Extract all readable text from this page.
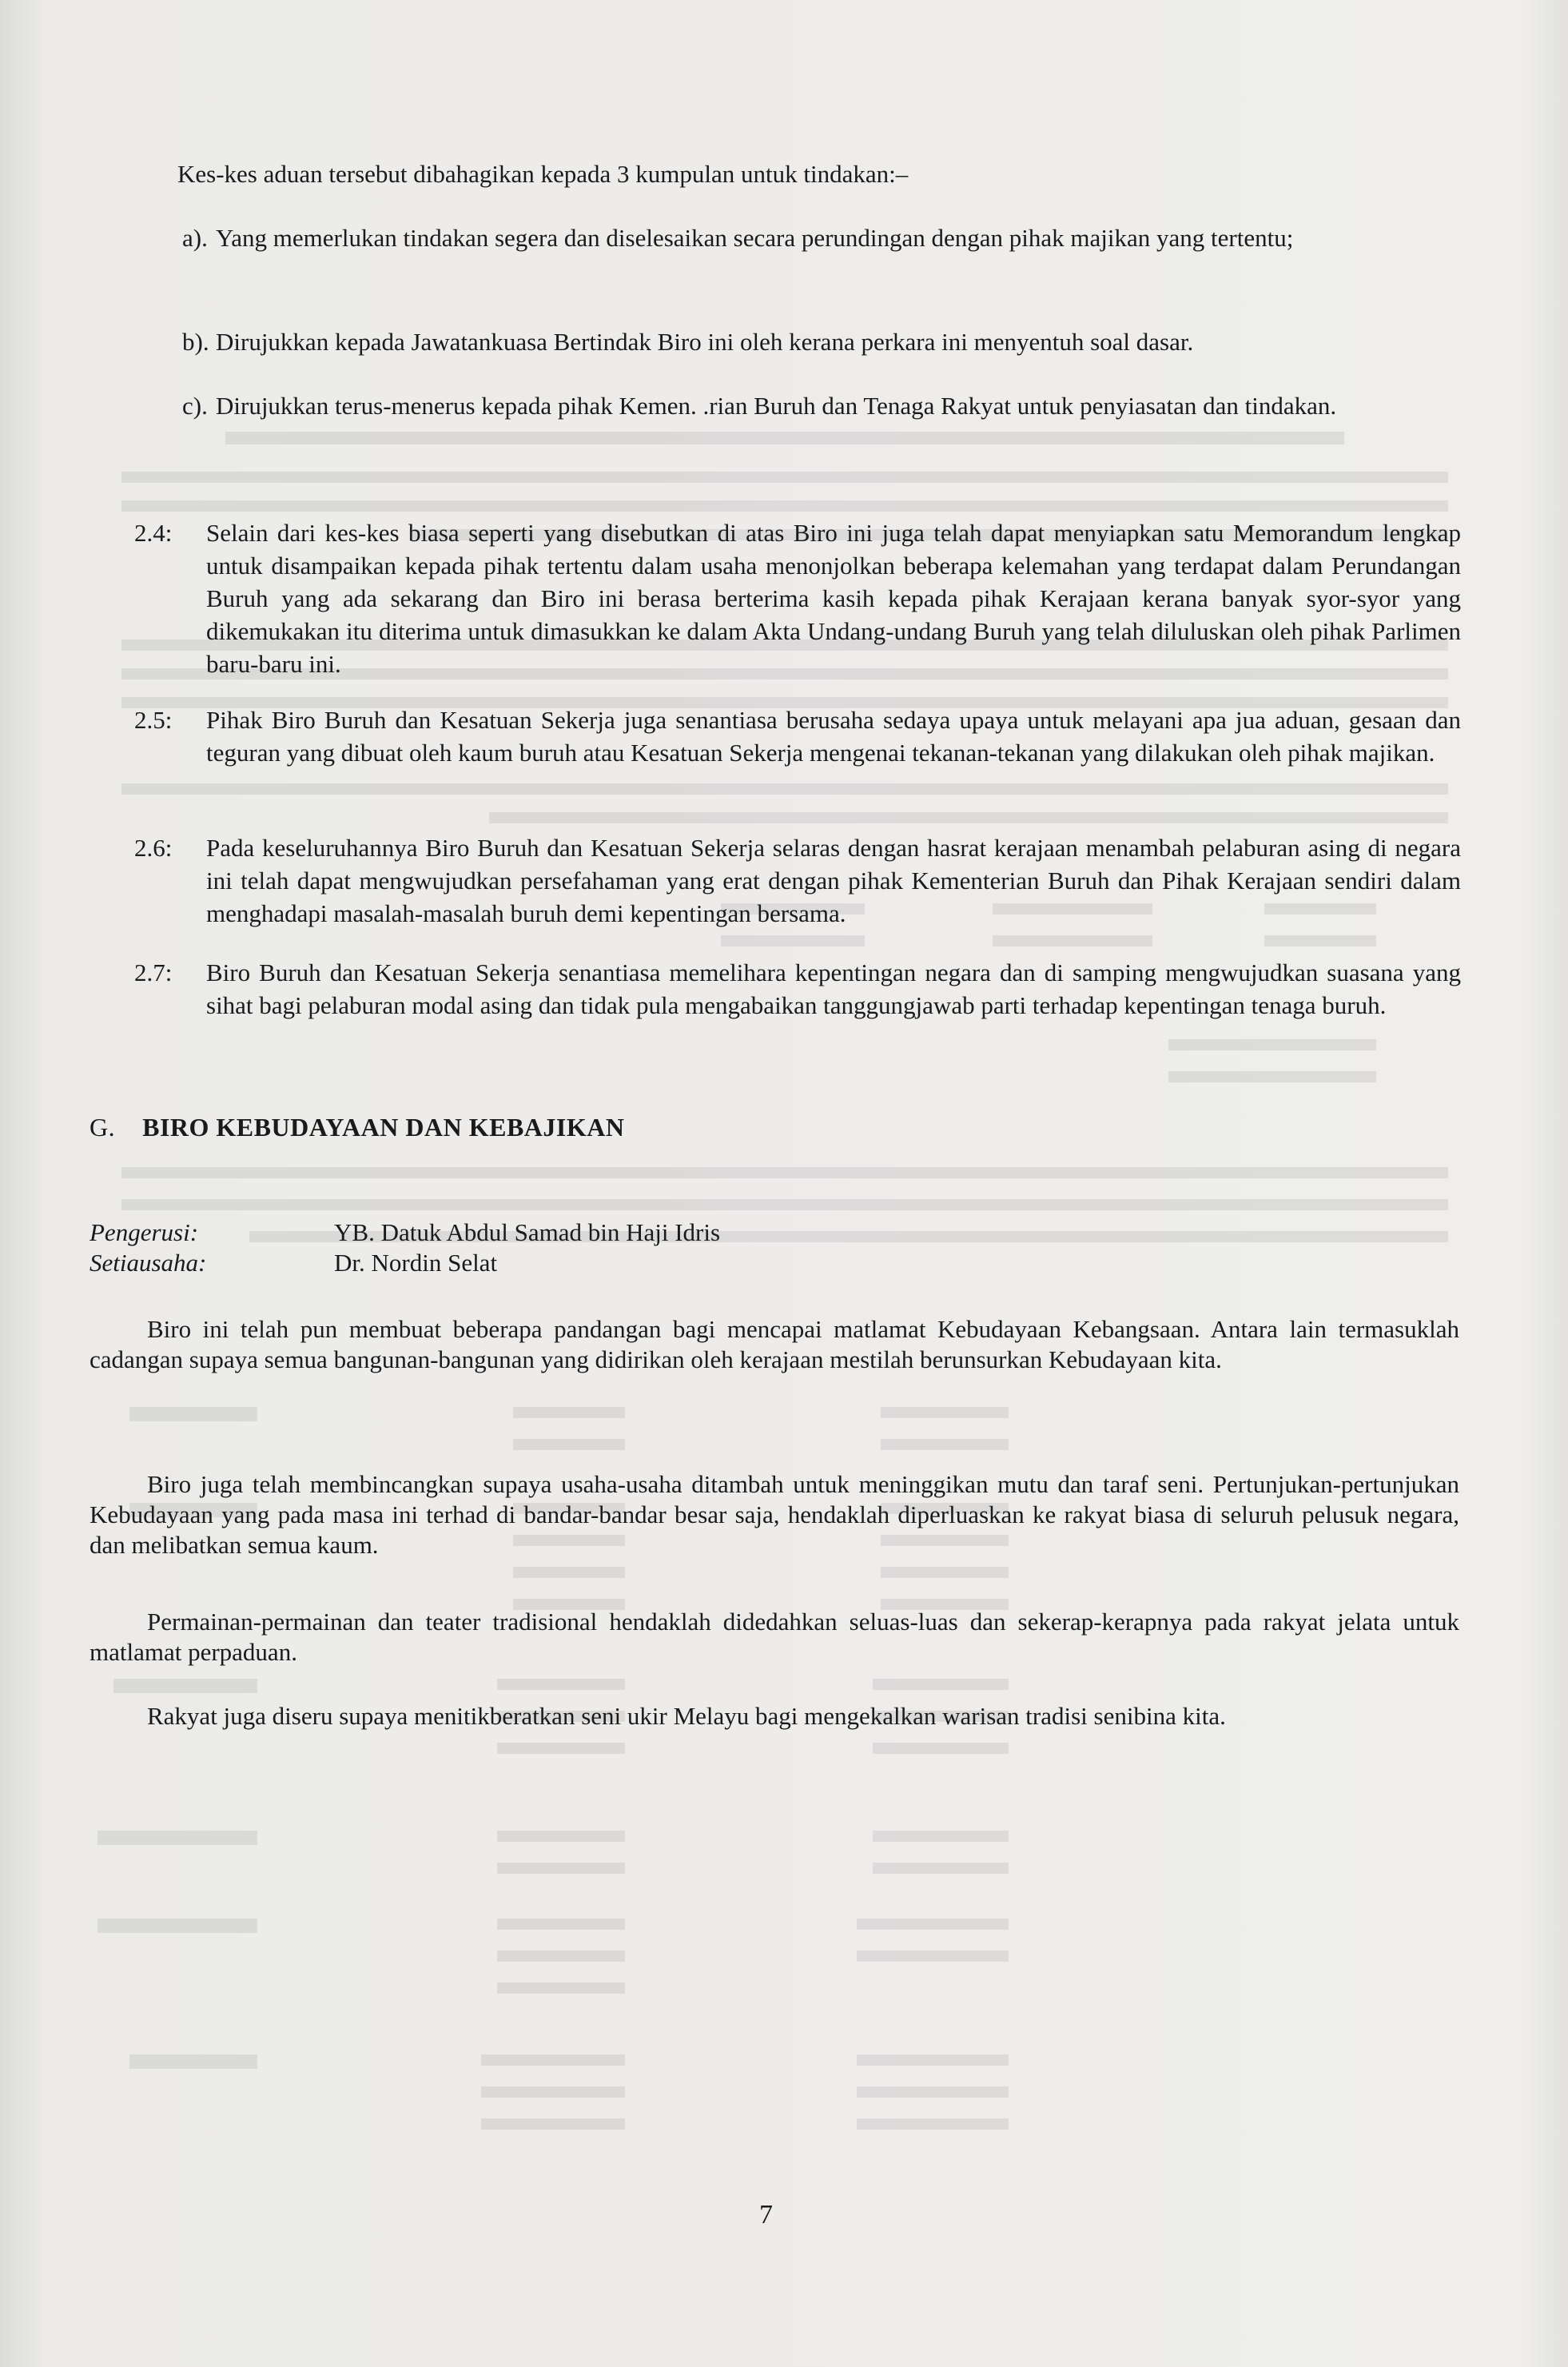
Kes-kes aduan tersebut dibahagikan kepada 3 kumpulan untuk tindakan:–
a). Yang memerlukan tindakan segera dan diselesaikan secara perundingan dengan pihak majikan yang tertentu;
b). Dirujukkan kepada Jawatankuasa Bertindak Biro ini oleh kerana perkara ini menyentuh soal dasar.
c). Dirujukkan terus-menerus kepada pihak Kemen. .rian Buruh dan Tenaga Rakyat untuk penyiasatan dan tindakan.
2.4:	Selain dari kes-kes biasa seperti yang disebutkan di atas Biro ini juga telah dapat menyiapkan satu Memorandum lengkap untuk disampaikan kepada pihak tertentu dalam usaha menonjolkan beberapa kelemahan yang terdapat dalam Perundangan Buruh yang ada sekarang dan Biro ini berasa berterima kasih kepada pihak Kerajaan kerana banyak syor-syor yang dikemukakan itu diterima untuk dimasukkan ke dalam Akta Undang-undang Buruh yang telah diluluskan oleh pihak Parlimen baru-baru ini.
2.5:	Pihak Biro Buruh dan Kesatuan Sekerja juga senantiasa berusaha sedaya upaya untuk melayani apa jua aduan, gesaan dan teguran yang dibuat oleh kaum buruh atau Kesatuan Sekerja mengenai tekanan-tekanan yang dilakukan oleh pihak majikan.
2.6:	Pada keseluruhannya Biro Buruh dan Kesatuan Sekerja selaras dengan hasrat kerajaan menambah pelaburan asing di negara ini telah dapat mengwujudkan persefahaman yang erat dengan pihak Kementerian Buruh dan Pihak Kerajaan sendiri dalam menghadapi masalah-masalah buruh demi kepentingan bersama.
2.7:	Biro Buruh dan Kesatuan Sekerja senantiasa memelihara kepentingan negara dan di samping mengwujudkan suasana yang sihat bagi pelaburan modal asing dan tidak pula mengabaikan tanggungjawab parti terhadap kepentingan tenaga buruh.
G. BIRO KEBUDAYAAN DAN KEBAJIKAN
Pengerusi:	YB. Datuk Abdul Samad bin Haji Idris
Setiausaha:	Dr. Nordin Selat
Biro ini telah pun membuat beberapa pandangan bagi mencapai matlamat Kebudayaan Kebangsaan. Antara lain termasuklah cadangan supaya semua bangunan-bangunan yang didirikan oleh kerajaan mestilah berunsurkan Kebudayaan kita.
Biro juga telah membincangkan supaya usaha-usaha ditambah untuk meninggikan mutu dan taraf seni. Pertunjukan-pertunjukan Kebudayaan yang pada masa ini terhad di bandar-bandar besar saja, hendaklah diperluaskan ke rakyat biasa di seluruh pelusuk negara, dan melibatkan semua kaum.
Permainan-permainan dan teater tradisional hendaklah didedahkan seluas-luas dan sekerap-kerapnya pada rakyat jelata untuk matlamat perpaduan.
Rakyat juga diseru supaya menitikberatkan seni ukir Melayu bagi mengekalkan warisan tradisi senibina kita.
7
